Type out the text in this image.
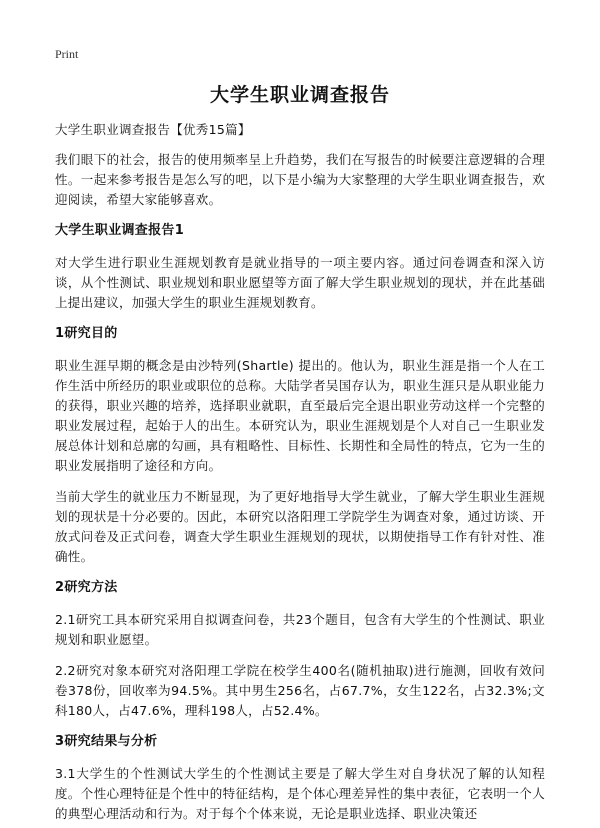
Print
大学生职业调查报告

大学生职业调查报告【优秀15篇】

我们眼下的社会，报告的使用频率呈上升趋势，我们在写报告的时候要注意逻辑的合理性。一起来参考报告是怎么写的吧，以下是小编为大家整理的大学生职业调查报告，欢迎阅读，希望大家能够喜欢。

大学生职业调查报告1

对大学生进行职业生涯规划教育是就业指导的一项主要内容。通过问卷调查和深入访谈，从个性测试、职业规划和职业愿望等方面了解大学生职业规划的现状，并在此基础上提出建议，加强大学生的职业生涯规划教育。

1研究目的

职业生涯早期的概念是由沙特列(Shartle) 提出的。他认为，职业生涯是指一个人在工作生活中所经历的职业或职位的总称。大陆学者吴国存认为，职业生涯只是从职业能力的获得，职业兴趣的培养，选择职业就职，直至最后完全退出职业劳动这样一个完整的职业发展过程，起始于人的出生。本研究认为，职业生涯规划是个人对自己一生职业发展总体计划和总廓的勾画，具有粗略性、目标性、长期性和全局性的特点，它为一生的职业发展指明了途径和方向。

当前大学生的就业压力不断显现，为了更好地指导大学生就业，了解大学生职业生涯规划的现状是十分必要的。因此，本研究以洛阳理工学院学生为调查对象，通过访谈、开放式问卷及正式问卷，调查大学生职业生涯规划的现状，以期使指导工作有针对性、准确性。

2研究方法

2.1研究工具本研究采用自拟调查问卷，共23个题目，包含有大学生的个性测试、职业规划和职业愿望。

2.2研究对象本研究对洛阳理工学院在校学生400名(随机抽取)进行施测，回收有效问卷378份，回收率为94.5%。其中男生256名，占67.7%，女生122名，占32.3%;文科180人，占47.6%，理科198人，占52.4%。

3研究结果与分析

3.1大学生的个性测试大学生的个性测试主要是了解大学生对自身状况了解的认知程度。个性心理特征是个性中的特征结构，是个体心理差异性的集中表征，它表明一个人的典型心理活动和行为。对于每个个体来说，无论是职业选择、职业决策还
